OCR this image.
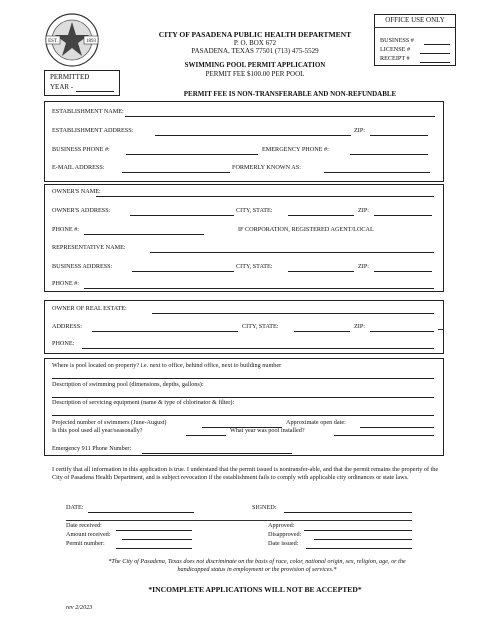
EST.	1893
CITY OF PASADENA PUBLIC HEALTH DEPARTMENT
P. O. BOX 672
PASADENA, TEXAS 77501 (713) 475-5529
SWIMMING POOL PERMIT APPLICATION
PERMIT FEE $100.00 PER POOL
PERMIT FEE IS NON-TRANSFERABLE AND NON-REFUNDABLE
OFFICE USE ONLY
BUSINESS #
LICENSE #
RECEIPT #
PERMITTED
YEAR -
ESTABLISHMENT NAME:
ESTABLISHMENT ADDRESS:	ZIP:
BUSINESS PHONE #:	EMERGENCY PHONE #:
E-MAIL ADDRESS:	FORMERLY KNOWN AS:
OWNER'S NAME:
OWNER'S ADDRESS:	CITY, STATE:	ZIP:
PHONE #:	IF CORPORATION, REGISTERED AGENT/LOCAL
REPRESENTATIVE NAME:
BUSINESS ADDRESS:	CITY, STATE:	ZIP:
PHONE #:
OWNER OF REAL ESTATE:
ADDRESS:	CITY, STATE:	ZIP:
PHONE:
Where is pool located on property? i.e. next to office, behind office, next to building number
Description of swimming pool (dimensions, depths, gallons):
Description of servicing equipment (name & type of chlorinator & filter):
Projected number of swimmers (June-August)	Approximate open date:
Is this pool used all year/seasonally?	What year was pool installed?
Emergency 911 Phone Number:
I certify that all information in this application is true. I understand that the permit issued is nontransfer-able, and that the permit remains the property of the City of Pasadena Health Department, and is subject revocation if the establishment fails to comply with applicable city ordinances or state laws.
DATE:	SIGNED:
Date received:
Amount received:
Permit number:
Approved:
Disapproved:
Date issued:
*The City of Pasadena, Texas does not discriminate on the basis of race, color, national origin, sex, religion, age, or the handicapped status in employment or the provision of services.*
*INCOMPLETE APPLICATIONS WILL NOT BE ACCEPTED*
rev 2/2023
